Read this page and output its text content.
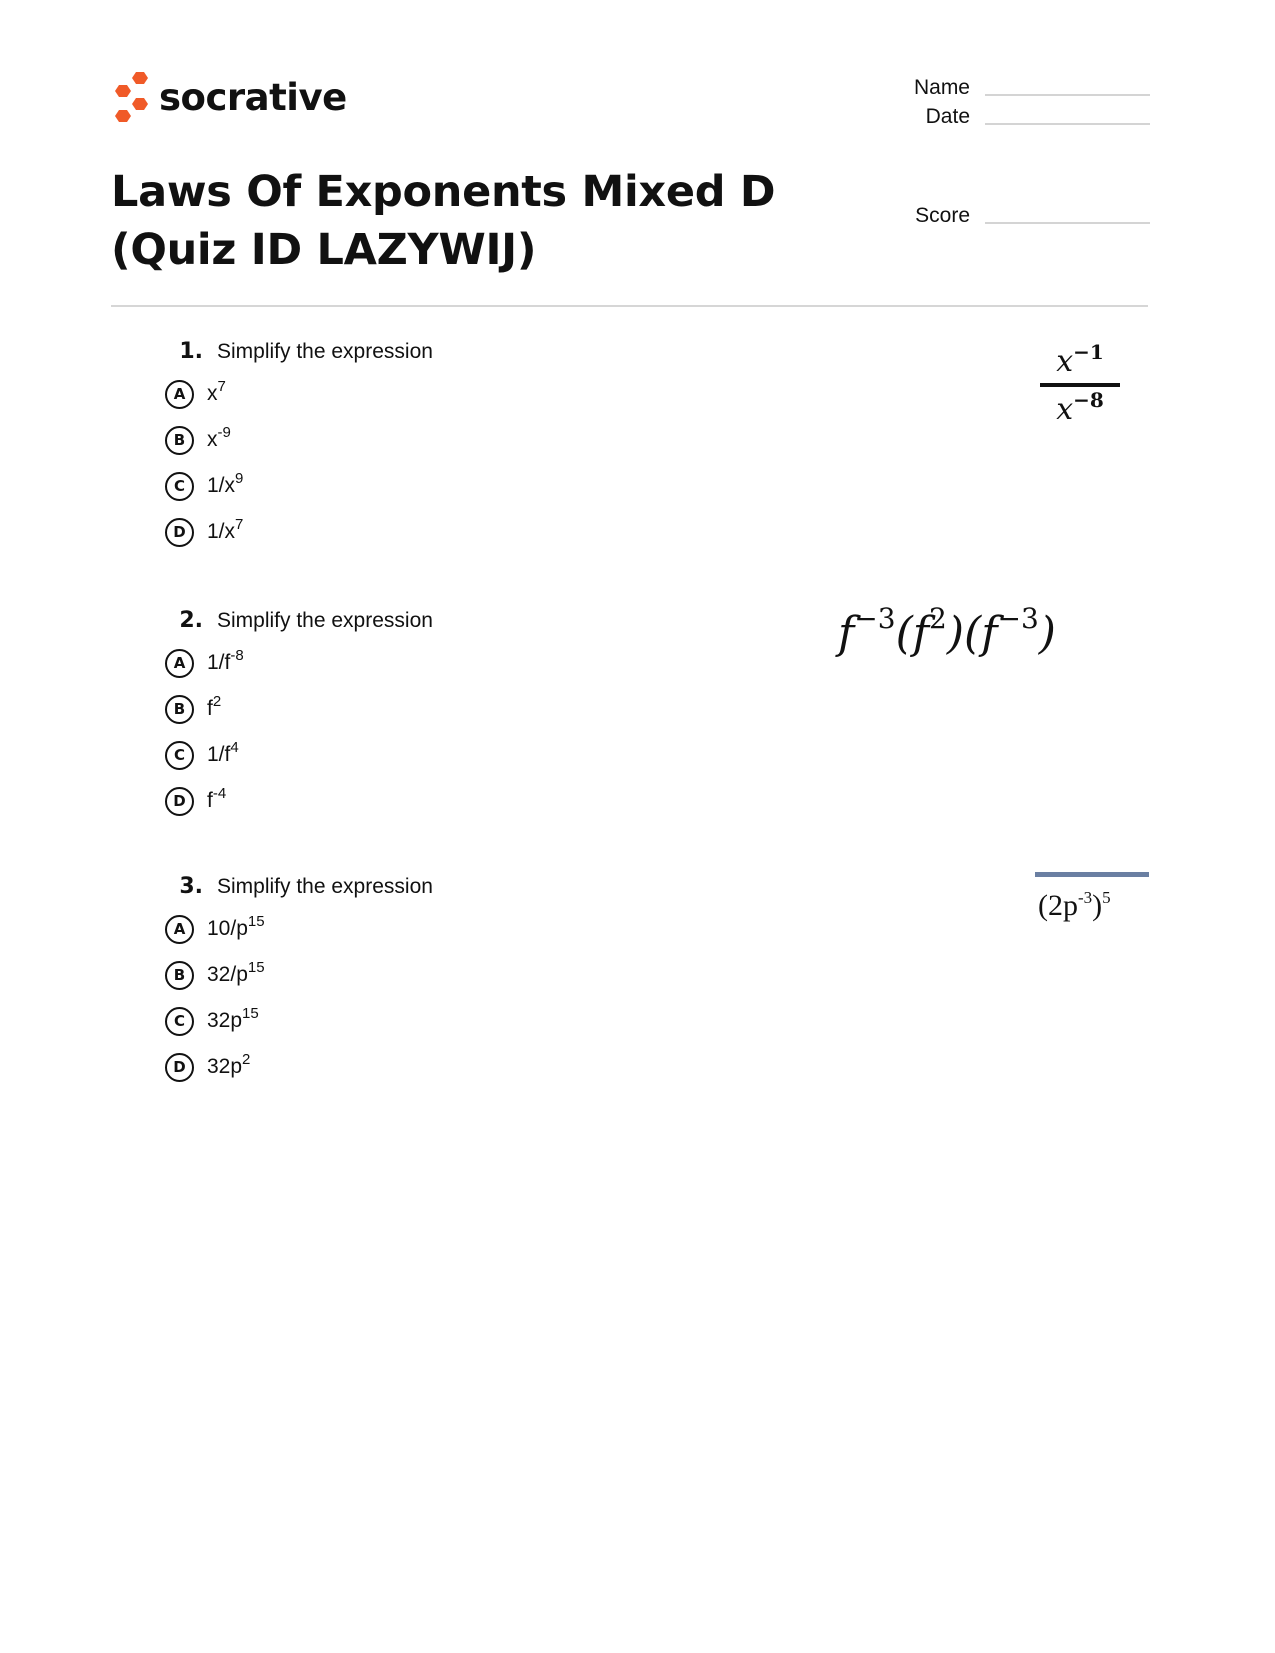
socrative
Laws Of Exponents Mixed D
(Quiz ID LAZYWIJ)
Name
Date
Score
1. Simplify the expression
A	$x^7$
B	$x^{-9}$
C	$1/x^9$
D	$1/x^7$
$x^{-1}$
$x^{-8}$
2. Simplify the expression
A	$1/f^{-8}$
B	$f^2$
C	$1/f^4$
D	$f^{-4}$
$f^{-3}(f^2)(f^{-3})$
3. Simplify the expression
A	$10/p^{15}$
B	$32/p^{15}$
C	$32p^{15}$
D	$32p^2$
$(2p^{-3})^5$
